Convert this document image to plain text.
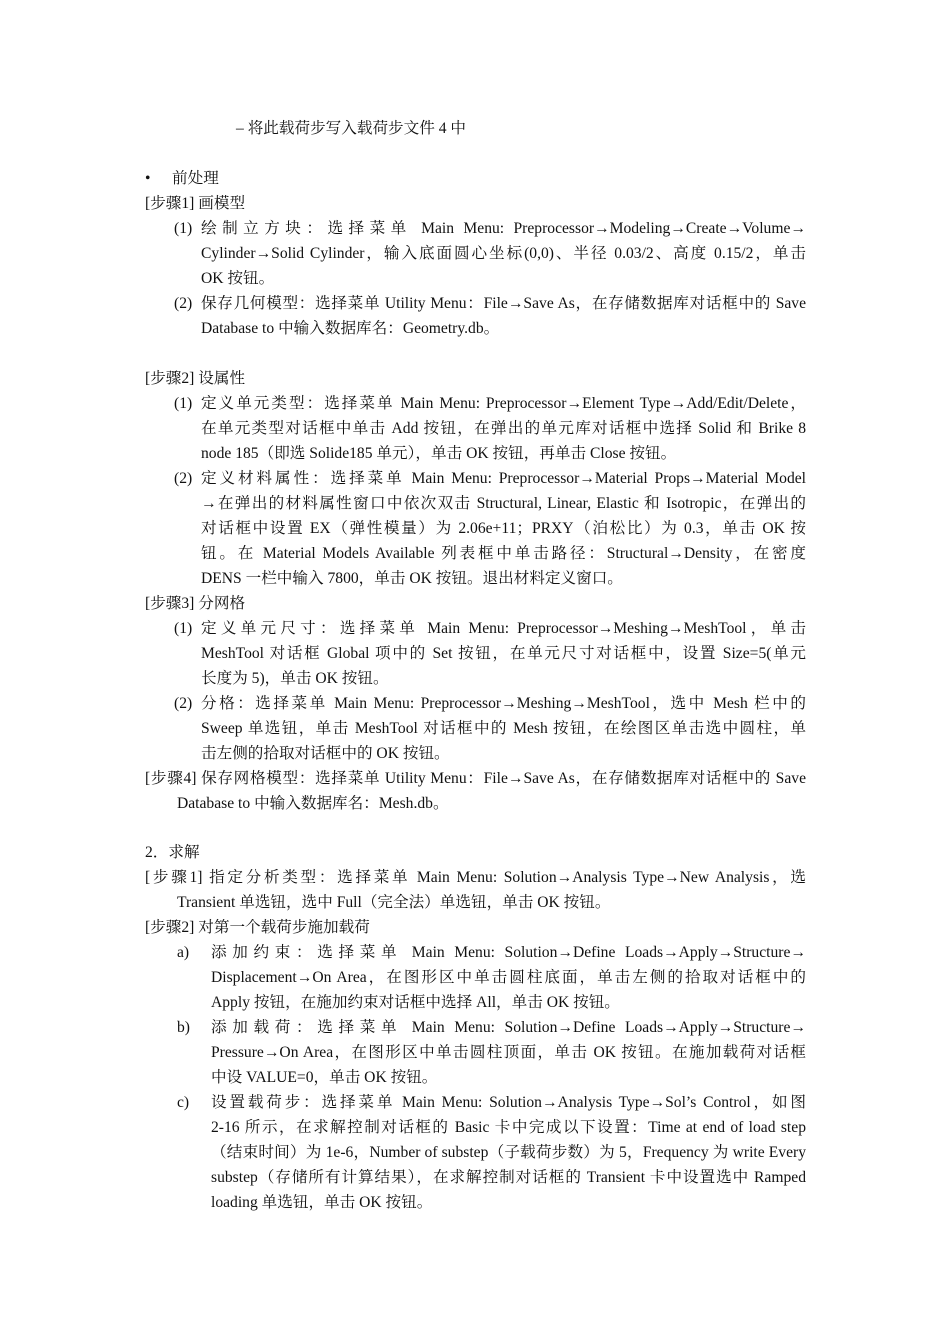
– 将此载荷步写入载荷步文件 4 中
• 前处理
[步骤1] 画模型
(1) 绘制立方块：选择菜单 Main Menu: Preprocessor→Modeling→Create→Volume→
Cylinder→Solid Cylinder，输入底面圆心坐标(0,0)、半径 0.03/2、高度 0.15/2，单击
OK 按钮。
(2) 保存几何模型：选择菜单 Utility Menu：File→Save As，在存储数据库对话框中的 Save
Database to 中输入数据库名：Geometry.db。
[步骤2] 设属性
(1) 定义单元类型：选择菜单 Main Menu: Preprocessor→Element Type→Add/Edit/Delete，
在单元类型对话框中单击 Add 按钮，在弹出的单元库对话框中选择 Solid 和 Brike 8
node 185（即选 Solide185 单元），单击 OK 按钮，再单击 Close 按钮。
(2) 定义材料属性：选择菜单 Main Menu: Preprocessor→Material Props→Material Model
→在弹出的材料属性窗口中依次双击 Structural, Linear, Elastic 和 Isotropic，在弹出的
对话框中设置 EX（弹性模量）为 2.06e+11；PRXY（泊松比）为 0.3，单击 OK 按
钮。在 Material Models Available 列表框中单击路径：Structural→Density，在密度
DENS 一栏中输入 7800，单击 OK 按钮。退出材料定义窗口。
[步骤3] 分网格
(1) 定义单元尺寸：选择菜单 Main Menu: Preprocessor→Meshing→MeshTool，单击
MeshTool 对话框 Global 项中的 Set 按钮，在单元尺寸对话框中，设置 Size=5(单元
长度为 5)，单击 OK 按钮。
(2) 分格：选择菜单 Main Menu: Preprocessor→Meshing→MeshTool，选中 Mesh 栏中的
Sweep 单选钮，单击 MeshTool 对话框中的 Mesh 按钮，在绘图区单击选中圆柱，单
击左侧的拾取对话框中的 OK 按钮。
[步骤4] 保存网格模型：选择菜单 Utility Menu：File→Save As，在存储数据库对话框中的 Save
Database to 中输入数据库名：Mesh.db。
2．求解
[步骤1] 指定分析类型：选择菜单 Main Menu: Solution→Analysis Type→New Analysis，选
Transient 单选钮，选中 Full（完全法）单选钮，单击 OK 按钮。
[步骤2] 对第一个载荷步施加载荷
a) 添加约束：选择菜单 Main Menu: Solution→Define Loads→Apply→Structure→
Displacement→On Area，在图形区中单击圆柱底面，单击左侧的拾取对话框中的
Apply 按钮，在施加约束对话框中选择 All，单击 OK 按钮。
b) 添加载荷：选择菜单 Main Menu: Solution→Define Loads→Apply→Structure→
Pressure→On Area，在图形区中单击圆柱顶面，单击 OK 按钮。在施加载荷对话框
中设 VALUE=0，单击 OK 按钮。
c) 设置载荷步：选择菜单 Main Menu: Solution→Analysis Type→Sol’s Control，如图
2-16 所示，在求解控制对话框的 Basic 卡中完成以下设置：Time at end of load step
（结束时间）为 1e-6，Number of substep（子载荷步数）为 5，Frequency 为 write Every
substep（存储所有计算结果），在求解控制对话框的 Transient 卡中设置选中 Ramped
loading 单选钮，单击 OK 按钮。
